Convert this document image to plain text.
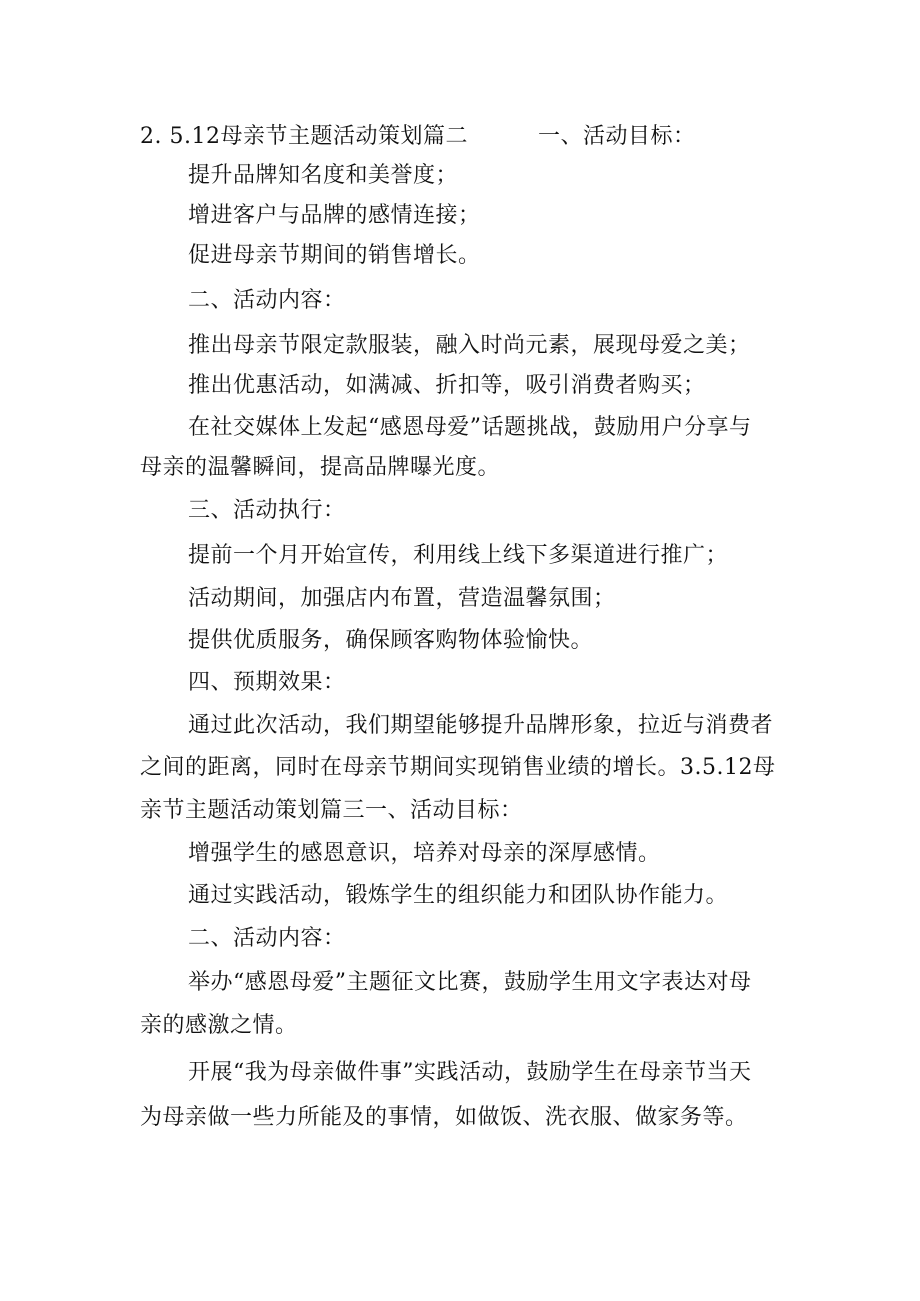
2. 5.12母亲节主题活动策划篇二	一、活动目标：
提升品牌知名度和美誉度；
增进客户与品牌的感情连接；
促进母亲节期间的销售增长。
二、活动内容：
推出母亲节限定款服装，融入时尚元素，展现母爱之美；
推出优惠活动，如满减、折扣等，吸引消费者购买；
在社交媒体上发起“感恩母爱”话题挑战，鼓励用户分享与
母亲的温馨瞬间，提高品牌曝光度。
三、活动执行：
提前一个月开始宣传，利用线上线下多渠道进行推广；
活动期间，加强店内布置，营造温馨氛围；
提供优质服务，确保顾客购物体验愉快。
四、预期效果：
通过此次活动，我们期望能够提升品牌形象，拉近与消费者
之间的距离，同时在母亲节期间实现销售业绩的增长。3.5.12母
亲节主题活动策划篇三一、活动目标：
增强学生的感恩意识，培养对母亲的深厚感情。
通过实践活动，锻炼学生的组织能力和团队协作能力。
二、活动内容：
举办“感恩母爱”主题征文比赛，鼓励学生用文字表达对母
亲的感激之情。
开展“我为母亲做件事”实践活动，鼓励学生在母亲节当天
为母亲做一些力所能及的事情，如做饭、洗衣服、做家务等。
